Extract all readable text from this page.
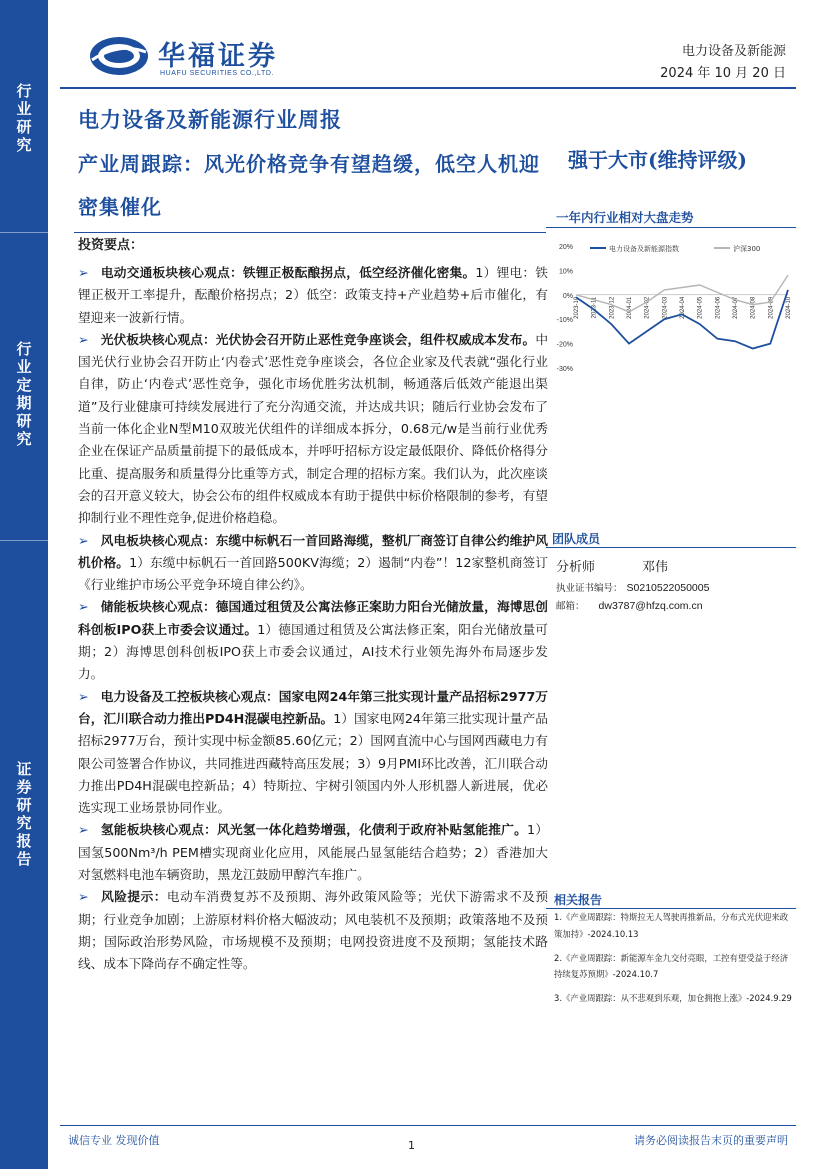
行
业
研
究
行
业
定
期
研
究
证
券
研
究
报
告
华福证券
HUAFU SECURITIES CO.,LTD.
电力设备及新能源
2024 年 10 月 20 日
电力设备及新能源行业周报
产业周跟踪：风光价格竞争有望趋缓，低空人机迎密集催化
强于大市(维持评级)
投资要点：
➢ 电动交通板块核心观点：铁锂正极酝酿拐点，低空经济催化密集。1）锂电：铁锂正极开工率提升，酝酿价格拐点；2）低空：政策支持+产业趋势+后市催化，有望迎来一波新行情。
➢ 光伏板块核心观点：光伏协会召开防止恶性竞争座谈会，组件权威成本发布。中国光伏行业协会召开防止‘内卷式’恶性竞争座谈会，各位企业家及代表就“强化行业自律，防止‘内卷式’恶性竞争，强化市场优胜劣汰机制，畅通落后低效产能退出渠道”及行业健康可持续发展进行了充分沟通交流，并达成共识；随后行业协会发布了当前一体化企业N型M10双玻光伏组件的详细成本拆分，0.68元/w是当前行业优秀企业在保证产品质量前提下的最低成本，并呼吁招标方设定最低限价、降低价格得分比重、提高服务和质量得分比重等方式，制定合理的招标方案。我们认为，此次座谈会的召开意义较大，协会公布的组件权威成本有助于提供中标价格限制的参考，有望抑制行业不理性竞争,促进价格趋稳。
➢ 风电板块核心观点：东缆中标帆石一首回路海缆，整机厂商签订自律公约维护风机价格。1）东缆中标帆石一首回路500KV海缆；2）遏制“内卷”！12家整机商签订《行业维护市场公平竞争环境自律公约》。
➢ 储能板块核心观点：德国通过租赁及公寓法修正案助力阳台光储放量，海博思创科创板IPO获上市委会议通过。1）德国通过租赁及公寓法修正案，阳台光储放量可期；2）海博思创科创板IPO获上市委会议通过，AI技术行业领先海外布局逐步发力。
➢ 电力设备及工控板块核心观点：国家电网24年第三批实现计量产品招标2977万台，汇川联合动力推出PD4H混碳电控新品。1）国家电网24年第三批实现计量产品招标2977万台，预计实现中标金额85.60亿元；2）国网直流中心与国网西藏电力有限公司签署合作协议，共同推进西藏特高压发展；3）9月PMI环比改善，汇川联合动力推出PD4H混碳电控新品；4）特斯拉、宇树引领国内外人形机器人新进展，优必选实现工业场景协同作业。
➢ 氢能板块核心观点：风光氢一体化趋势增强，化债利于政府补贴氢能推广。1）国氢500Nm³/h PEM槽实现商业化应用，风能展凸显氢能结合趋势；2）香港加大对氢燃料电池车辆资助，黑龙江鼓励甲醇汽车推广。
➢ 风险提示：电动车消费复苏不及预期、海外政策风险等；光伏下游需求不及预期；行业竞争加剧；上游原材料价格大幅波动；风电装机不及预期；政策落地不及预期；国际政治形势风险，市场规模不及预期；电网投资进度不及预期；氢能技术路线、成本下降尚存不确定性等。
一年内行业相对大盘走势
20%
10%
0%
-10%
-20%
-30%
2023-10 2023-11 2023-12 2024-01 2024-02 2024-03 2024-04 2024-05 2024-06 2024-07 2024-08 2024-09 2024-10
电力设备及新能源指数	沪深300
团队成员
分析师	邓伟
执业证书编号： S0210522050005
邮箱： dw3787@hfzq.com.cn
相关报告
1.《产业周跟踪：特斯拉无人驾驶再推新品，分布式光伏迎来政策加持》-2024.10.13
2.《产业周跟踪：新能源车金九交付亮眼，工控有望受益于经济持续复苏预期》-2024.10.7
3.《产业周跟踪：从不悲观到乐观，加仓拥抱上涨》-2024.9.29
诚信专业 发现价值	1	请务必阅读报告末页的重要声明
